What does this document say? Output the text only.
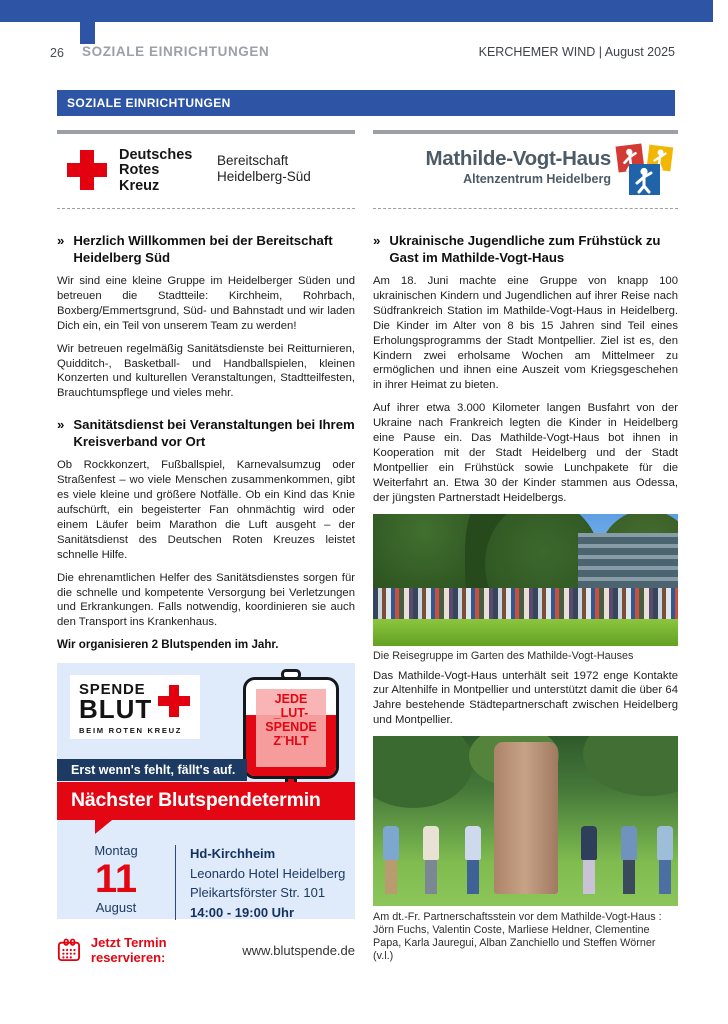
26 SOZIALE EINRICHTUNGEN	KERCHEMER WIND | August 2025
SOZIALE EINRICHTUNGEN
Deutsches
Rotes
Kreuz
Bereitschaft
Heidelberg-Süd
» Herzlich Willkommen bei der Bereitschaft Heidelberg Süd

Wir sind eine kleine Gruppe im Heidelberger Süden und betreuen die Stadtteile: Kirchheim, Rohrbach, Boxberg/Emmertsgrund, Süd- und Bahnstadt und wir laden Dich ein, ein Teil von unserem Team zu werden!

Wir betreuen regelmäßig Sanitätsdienste bei Reitturnieren, Quidditch-, Basketball- und Handballspielen, kleinen Konzerten und kulturellen Veranstaltungen, Stadtteilfesten, Brauchtumspflege und vieles mehr.

» Sanitätsdienst bei Veranstaltungen bei Ihrem Kreisverband vor Ort

Ob Rockkonzert, Fußballspiel, Karnevalsumzug oder Straßenfest – wo viele Menschen zusammenkommen, gibt es viele kleine und größere Notfälle. Ob ein Kind das Knie aufschürft, ein begeisterter Fan ohnmächtig wird oder einem Läufer beim Marathon die Luft ausgeht – der Sanitätsdienst des Deutschen Roten Kreuzes leistet schnelle Hilfe.

Die ehrenamtlichen Helfer des Sanitätsdienstes sorgen für die schnelle und kompetente Versorgung bei Verletzungen und Erkrankungen. Falls notwendig, koordinieren sie auch den Transport ins Krankenhaus.

Wir organisieren 2 Blutspenden im Jahr.

SPENDE
BLUT
BEIM ROTEN KREUZ
JEDE
_LUT-
SPENDE
Z¨HLT
Erst wenn's fehlt, fällt's auf.
Nächster Blutspendetermin
Montag
11
August
Hd-Kirchheim
Leonardo Hotel Heidelberg
Pleikartsförster Str. 101
14:00 - 19:00 Uhr
Jetzt Termin reservieren:	www.blutspende.de
Mathilde-Vogt-Haus
Altenzentrum Heidelberg
» Ukrainische Jugendliche zum Frühstück zu Gast im Mathilde-Vogt-Haus

Am 18. Juni machte eine Gruppe von knapp 100 ukrainischen Kindern und Jugendlichen auf ihrer Reise nach Südfrankreich Station im Mathilde-Vogt-Haus in Heidelberg. Die Kinder im Alter von 8 bis 15 Jahren sind Teil eines Erholungsprogramms der Stadt Montpellier. Ziel ist es, den Kindern zwei erholsame Wochen am Mittelmeer zu ermöglichen und ihnen eine Auszeit vom Kriegsgeschehen in ihrer Heimat zu bieten.

Auf ihrer etwa 3.000 Kilometer langen Busfahrt von der Ukraine nach Frankreich legten die Kinder in Heidelberg eine Pause ein. Das Mathilde-Vogt-Haus bot ihnen in Kooperation mit der Stadt Heidelberg und der Stadt Montpellier ein Frühstück sowie Lunchpakete für die Weiterfahrt an. Etwa 30 der Kinder stammen aus Odessa, der jüngsten Partnerstadt Heidelbergs.

Die Reisegruppe im Garten des Mathilde-Vogt-Hauses

Das Mathilde-Vogt-Haus unterhält seit 1972 enge Kontakte zur Altenhilfe in Montpellier und unterstützt damit die über 64 Jahre bestehende Städtepartnerschaft zwischen Heidelberg und Montpellier.

Am dt.-Fr. Partnerschaftsstein vor dem Mathilde-Vogt-Haus : Jörn Fuchs, Valentin Coste, Marliese Heldner, Clementine Papa, Karla Jauregui, Alban Zanchiello und Steffen Wörner (v.l.)
